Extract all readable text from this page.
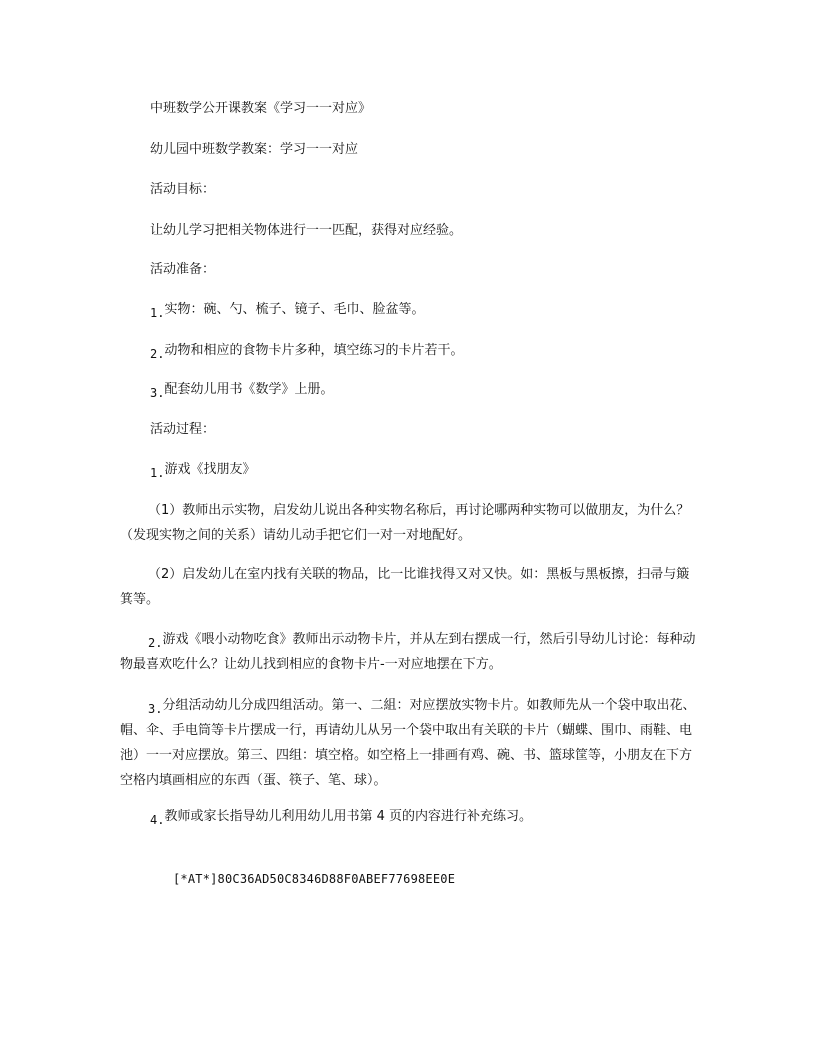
中班数学公开课教案《学习一一对应》

幼儿园中班数学教案：学习一一对应

活动目标：

让幼儿学习把相关物体进行一一匹配，获得对应经验。

活动准备：

1.实物：碗、勺、梳子、镜子、毛巾、脸盆等。

2.动物和相应的食物卡片多种，填空练习的卡片若干。

3.配套幼儿用书《数学》上册。

活动过程：

1.游戏《找朋友》

（1）教师出示实物，启发幼儿说出各种实物名称后，再讨论哪两种实物可以做朋友，为什么？（发现实物之间的关系）请幼儿动手把它们一对一对地配好。

（2）启发幼儿在室内找有关联的物品，比一比谁找得又对又快。如：黑板与黑板擦，扫帚与簸箕等。

2.游戏《喂小动物吃食》教师出示动物卡片，并从左到右摆成一行，然后引导幼儿讨论：每种动物最喜欢吃什么？让幼儿找到相应的食物卡片-一对应地摆在下方。

3.分组活动幼儿分成四组活动。第一、二組：对应摆放实物卡片。如教师先从一个袋中取出花、帽、伞、手电筒等卡片摆成一行，再请幼儿从另一个袋中取出有关联的卡片（蝴蝶、围巾、雨鞋、电池）一一对应摆放。第三、四组：填空格。如空格上一排画有鸡、碗、书、篮球筐等，小朋友在下方空格内填画相应的东西（蛋、筷子、笔、球）。

4.教师或家长指导幼儿利用幼儿用书第 4 页的内容进行补充练习。

[*AT*]80C36AD50C8346D88F0ABEF77698EE0E
